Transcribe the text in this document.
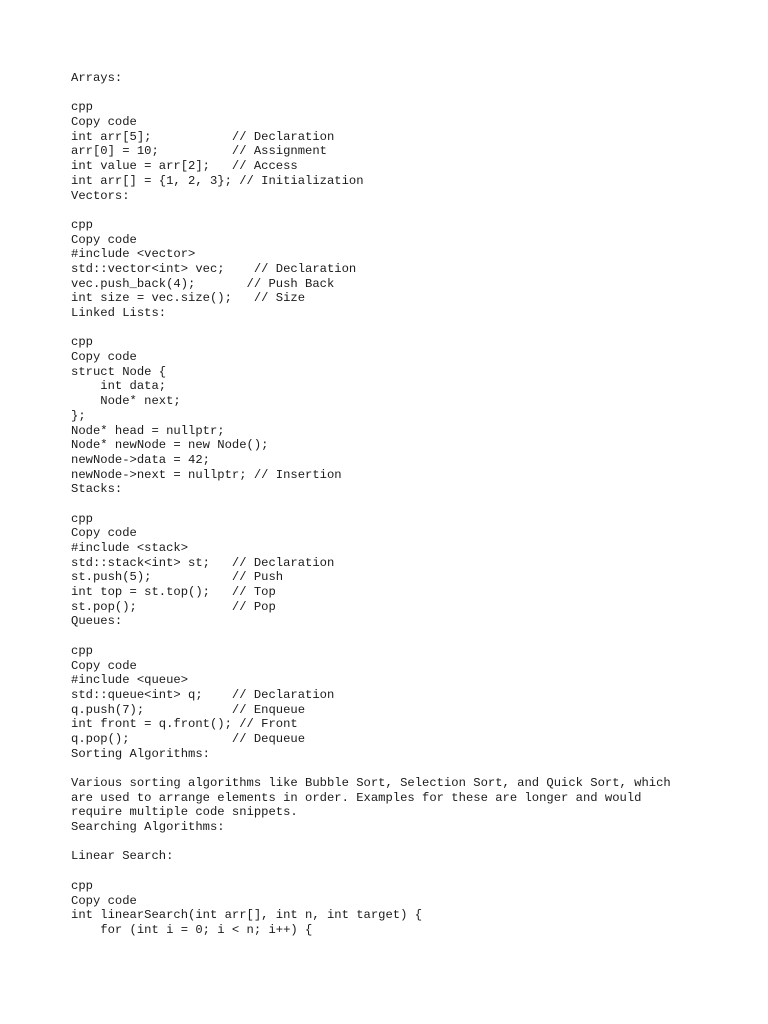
Arrays:
cpp
Copy code
int arr[5];           // Declaration
arr[0] = 10;          // Assignment
int value = arr[2];   // Access
int arr[] = {1, 2, 3}; // Initialization
Vectors:
cpp
Copy code
#include <vector>
std::vector<int> vec;    // Declaration
vec.push_back(4);       // Push Back
int size = vec.size();   // Size
Linked Lists:
cpp
Copy code
struct Node {
int data;
Node* next;
};
Node* head = nullptr;
Node* newNode = new Node();
newNode->data = 42;
newNode->next = nullptr; // Insertion
Stacks:
cpp
Copy code
#include <stack>
std::stack<int> st;   // Declaration
st.push(5);           // Push
int top = st.top();   // Top
st.pop();             // Pop
Queues:
cpp
Copy code
#include <queue>
std::queue<int> q;    // Declaration
q.push(7);            // Enqueue
int front = q.front(); // Front
q.pop();              // Dequeue
Sorting Algorithms:
Various sorting algorithms like Bubble Sort, Selection Sort, and Quick Sort, which
are used to arrange elements in order. Examples for these are longer and would
require multiple code snippets.
Searching Algorithms:
Linear Search:
cpp
Copy code
int linearSearch(int arr[], int n, int target) {
for (int i = 0; i < n; i++) {
